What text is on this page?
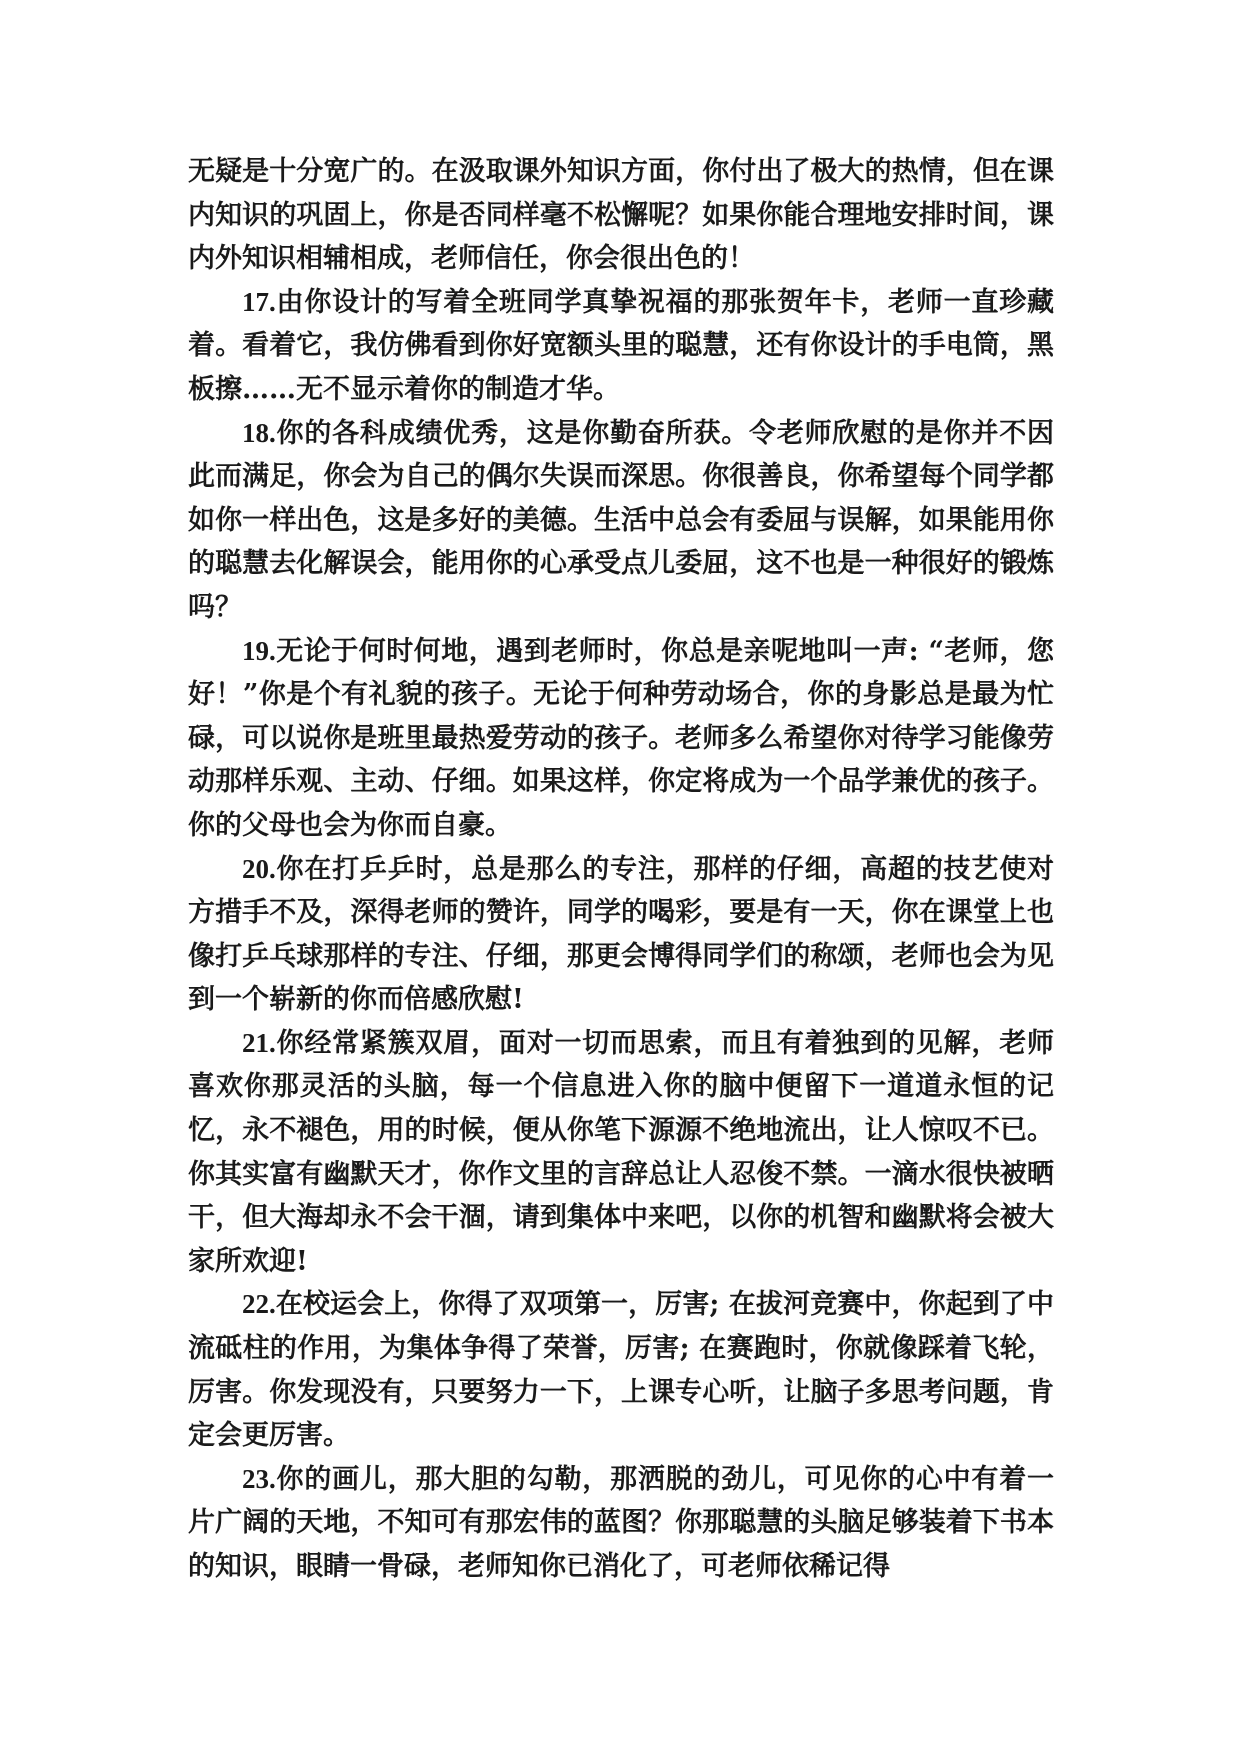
无疑是十分宽广的。在汲取课外知识方面，你付出了极大的热情，但在课内知识的巩固上，你是否同样毫不松懈呢？如果你能合理地安排时间，课内外知识相辅相成，老师信任，你会很出色的！

17.由你设计的写着全班同学真挚祝福的那张贺年卡，老师一直珍藏着。看着它，我仿佛看到你好宽额头里的聪慧，还有你设计的手电筒，黑板擦……无不显示着你的制造才华。

18.你的各科成绩优秀，这是你勤奋所获。令老师欣慰的是你并不因此而满足，你会为自己的偶尔失误而深思。你很善良，你希望每个同学都如你一样出色，这是多好的美德。生活中总会有委屈与误解，如果能用你的聪慧去化解误会，能用你的心承受点儿委屈，这不也是一种很好的锻炼吗？

19.无论于何时何地，遇到老师时，你总是亲呢地叫一声: “老师，您好！”你是个有礼貌的孩子。无论于何种劳动场合，你的身影总是最为忙碌，可以说你是班里最热爱劳动的孩子。老师多么希望你对待学习能像劳动那样乐观、主动、仔细。如果这样，你定将成为一个品学兼优的孩子。你的父母也会为你而自豪。

20.你在打乒乒时，总是那么的专注，那样的仔细，高超的技艺使对方措手不及，深得老师的赞许，同学的喝彩，要是有一天，你在课堂上也像打乒乓球那样的专注、仔细，那更会博得同学们的称颂，老师也会为见到一个崭新的你而倍感欣慰!

21.你经常紧簇双眉，面对一切而思索，而且有着独到的见解，老师喜欢你那灵活的头脑，每一个信息进入你的脑中便留下一道道永恒的记忆，永不褪色，用的时候，便从你笔下源源不绝地流出，让人惊叹不已。你其实富有幽默天才，你作文里的言辞总让人忍俊不禁。一滴水很快被晒干，但大海却永不会干涸，请到集体中来吧，以你的机智和幽默将会被大家所欢迎!

22.在校运会上，你得了双项第一，厉害; 在拔河竞赛中，你起到了中流砥柱的作用，为集体争得了荣誉，厉害; 在赛跑时，你就像踩着飞轮，厉害。你发现没有，只要努力一下，上课专心听，让脑子多思考问题，肯定会更厉害。

23.你的画儿，那大胆的勾勒，那洒脱的劲儿，可见你的心中有着一片广阔的天地，不知可有那宏伟的蓝图？你那聪慧的头脑足够装着下书本的知识，眼睛一骨碌，老师知你已消化了，可老师依稀记得
